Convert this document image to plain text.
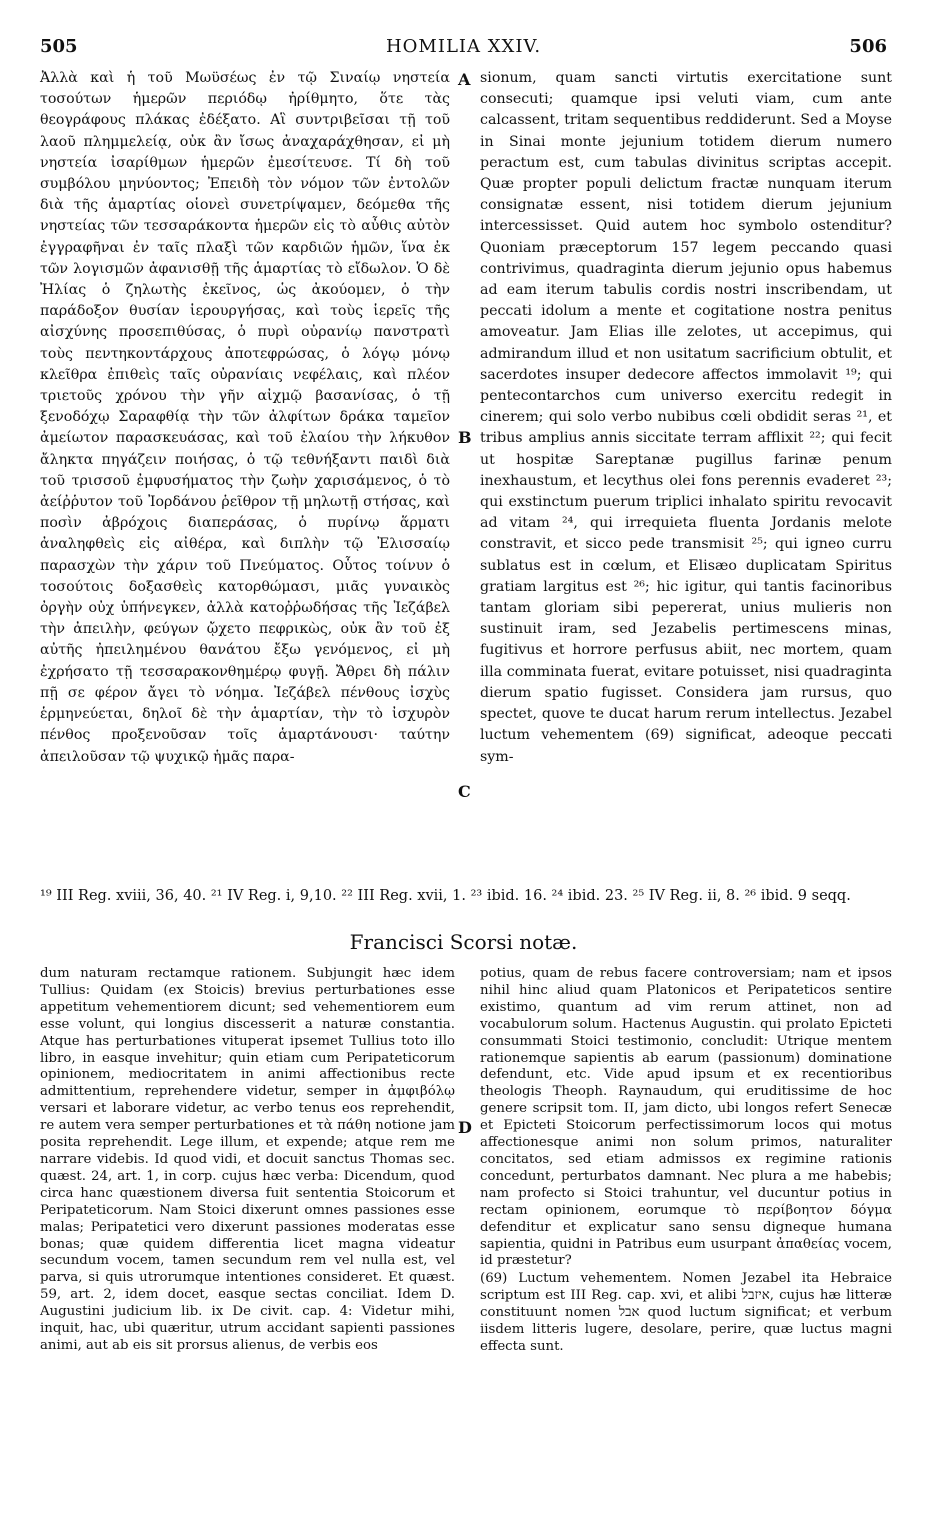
505	HOMILIA XXIV.	506

Ἀλλὰ καὶ ἡ τοῦ Μωϋσέως ἐν τῷ Σιναίῳ νηστεία τοσούτων ἡμερῶν περιόδῳ ἠρίθμητο, ὅτε τὰς θεογράφους πλάκας ἐδέξατο. Αἳ συντριβεῖσαι τῇ τοῦ λαοῦ πλημμελείᾳ, οὐκ ἂν ἴσως ἀναχαράχθησαν, εἰ μὴ νηστεία ἰσαρίθμων ἡμερῶν ἐμεσίτευσε. Τί δὴ τοῦ συμβόλου μηνύοντος; Ἐπειδὴ τὸν νόμον τῶν ἐντολῶν διὰ τῆς ἁμαρτίας οἱονεὶ συνετρίψαμεν, δεόμεθα τῆς νηστείας τῶν τεσσαράκοντα ἡμερῶν εἰς τὸ αὖθις αὐτὸν ἐγγραφῆναι ἐν ταῖς πλαξὶ τῶν καρδιῶν ἡμῶν, ἵνα ἐκ τῶν λογισμῶν ἀφανισθῇ τῆς ἁμαρτίας τὸ εἴδωλον. Ὁ δὲ Ἠλίας ὁ ζηλωτὴς ἐκεῖνος, ὡς ἀκούομεν, ὁ τὴν παράδοξον θυσίαν ἱερουργήσας, καὶ τοὺς ἱερεῖς τῆς αἰσχύνης προσεπιθύσας, ὁ πυρὶ οὐρανίῳ πανστρατὶ τοὺς πεντηκοντάρχους ἀποτεφρώσας, ὁ λόγῳ μόνῳ κλεῖθρα ἐπιθεὶς ταῖς οὐρανίαις νεφέλαις, καὶ πλέον τριετοῦς χρόνου τὴν γῆν αἰχμῷ βασανίσας, ὁ τῇ ξενοδόχῳ Σαραφθίᾳ τὴν τῶν ἀλφίτων δράκα ταμεῖον ἀμείωτον παρασκευάσας, καὶ τοῦ ἐλαίου τὴν λήκυθον ἄληκτα πηγάζειν ποιήσας, ὁ τῷ τεθνήξαντι παιδὶ διὰ τοῦ τρισσοῦ ἐμφυσήματος τὴν ζωὴν χαρισάμενος, ὁ τὸ ἀείῤῥυτον τοῦ Ἰορδάνου ῥεῖθρον τῇ μηλωτῇ στήσας, καὶ ποσὶν ἀβρόχοις διαπεράσας, ὁ πυρίνῳ ἅρματι ἀναληφθεὶς εἰς αἰθέρα, καὶ διπλὴν τῷ Ἐλισσαίῳ παρασχὼν τὴν χάριν τοῦ Πνεύματος. Οὗτος τοίνυν ὁ τοσούτοις δοξασθεὶς κατορθώμασι, μιᾶς γυναικὸς ὀργὴν οὐχ ὑπήνεγκεν, ἀλλὰ κατοῤῥωδήσας τῆς Ἰεζάβελ τὴν ἀπειλὴν, φεύγων ᾤχετο πεφρικὼς, οὐκ ἂν τοῦ ἐξ αὐτῆς ἠπειλημένου θανάτου ἔξω γενόμενος, εἰ μὴ ἐχρήσατο τῇ τεσσαρακονθημέρῳ φυγῇ. Ἄθρει δὴ πάλιν πῇ σε φέρον ἄγει τὸ νόημα. Ἰεζάβελ πένθους ἰσχὺς ἑρμηνεύεται, δηλοῖ δὲ τὴν ἁμαρτίαν, τὴν τὸ ἰσχυρὸν πένθος προξενοῦσαν τοῖς ἁμαρτάνουσι· ταύτην ἀπειλοῦσαν τῷ ψυχικῷ ἡμᾶς παρα-

A
B
C

sionum, quam sancti virtutis exercitatione sunt consecuti; quamque ipsi veluti viam, cum ante calcassent, tritam sequentibus reddiderunt. Sed a Moyse in Sinai monte jejunium totidem dierum numero peractum est, cum tabulas divinitus scriptas accepit. Quæ propter populi delictum fractæ nunquam iterum consignatæ essent, nisi totidem dierum jejunium intercessisset. Quid autem hoc symbolo ostenditur? Quoniam præceptorum 157 legem peccando quasi contrivimus, quadraginta dierum jejunio opus habemus ad eam iterum tabulis cordis nostri inscribendam, ut peccati idolum a mente et cogitatione nostra penitus amoveatur. Jam Elias ille zelotes, ut accepimus, qui admirandum illud et non usitatum sacrificium obtulit, et sacerdotes insuper dedecore affectos immolavit ¹⁹; qui pentecontarchos cum universo exercitu redegit in cinerem; qui solo verbo nubibus cœli obdidit seras ²¹, et tribus amplius annis siccitate terram afflixit ²²; qui fecit ut hospitæ Sareptanæ pugillus farinæ penum inexhaustum, et lecythus olei fons perennis evaderet ²³; qui exstinctum puerum triplici inhalato spiritu revocavit ad vitam ²⁴, qui irrequieta fluenta Jordanis melote constravit, et sicco pede transmisit ²⁵; qui igneo curru sublatus est in cœlum, et Elisæo duplicatam Spiritus gratiam largitus est ²⁶; hic igitur, qui tantis facinoribus tantam gloriam sibi pepererat, unius mulieris non sustinuit iram, sed Jezabelis pertimescens minas, fugitivus et horrore perfusus abiit, nec mortem, quam illa comminata fuerat, evitare potuisset, nisi quadraginta dierum spatio fugisset. Considera jam rursus, quo spectet, quove te ducat harum rerum intellectus. Jezabel luctum vehementem (69) significat, adeoque peccati sym-

¹⁹ III Reg. xviii, 36, 40. ²¹ IV Reg. i, 9,10. ²² III Reg. xvii, 1. ²³ ibid. 16. ²⁴ ibid. 23. ²⁵ IV Reg. ii, 8. ²⁶ ibid. 9 seqq.
Francisci Scorsi notæ.

dum naturam rectamque rationem. Subjungit hæc idem Tullius: Quidam (ex Stoicis) brevius perturbationes esse appetitum vehementiorem dicunt; sed vehementiorem eum esse volunt, qui longius discesserit a naturæ constantia. Atque has perturbationes vituperat ipsemet Tullius toto illo libro, in easque invehitur; quin etiam cum Peripateticorum opinionem, mediocritatem in animi affectionibus recte admittentium, reprehendere videtur, semper in ἀμφιβόλῳ versari et laborare videtur, ac verbo tenus eos reprehendit, re autem vera semper perturbationes et τὰ πάθη notione jam posita reprehendit. Lege illum, et expende; atque rem me narrare videbis. Id quod vidi, et docuit sanctus Thomas sec. quæst. 24, art. 1, in corp. cujus hæc verba: Dicendum, quod circa hanc quæstionem diversa fuit sententia Stoicorum et Peripateticorum. Nam Stoici dixerunt omnes passiones esse malas; Peripatetici vero dixerunt passiones moderatas esse bonas; quæ quidem differentia licet magna videatur secundum vocem, tamen secundum rem vel nulla est, vel parva, si quis utrorumque intentiones consideret. Et quæst. 59, art. 2, idem docet, easque sectas conciliat. Idem D. Augustini judicium lib. ix De civit. cap. 4: Videtur mihi, inquit, hac, ubi quæritur, utrum accidant sapienti passiones animi, aut ab eis sit prorsus alienus, de verbis eos

D

potius, quam de rebus facere controversiam; nam et ipsos nihil hinc aliud quam Platonicos et Peripateticos sentire existimo, quantum ad vim rerum attinet, non ad vocabulorum solum. Hactenus Augustin. qui prolato Epicteti consummati Stoici testimonio, concludit: Utrique mentem rationemque sapientis ab earum (passionum) dominatione defendunt, etc. Vide apud ipsum et ex recentioribus theologis Theoph. Raynaudum, qui eruditissime de hoc genere scripsit tom. II, jam dicto, ubi longos refert Senecæ et Epicteti Stoicorum perfectissimorum locos qui motus affectionesque animi non solum primos, naturaliter concitatos, sed etiam admissos ex regimine rationis concedunt, perturbatos damnant. Nec plura a me habebis; nam profecto si Stoici trahuntur, vel ducuntur potius in rectam opinionem, eorumque τὸ περίβοητον δόγμα defenditur et explicatur sano sensu digneque humana sapientia, quidni in Patribus eum usurpant ἀπαθείας vocem, id præstetur?

(69) Luctum vehementem. Nomen Jezabel ita Hebraice scriptum est III Reg. cap. xvi, et alibi איזבל, cujus hæ litteræ constituunt nomen אבל quod luctum significat; et verbum iisdem litteris lugere, desolare, perire, quæ luctus magni effecta sunt.
